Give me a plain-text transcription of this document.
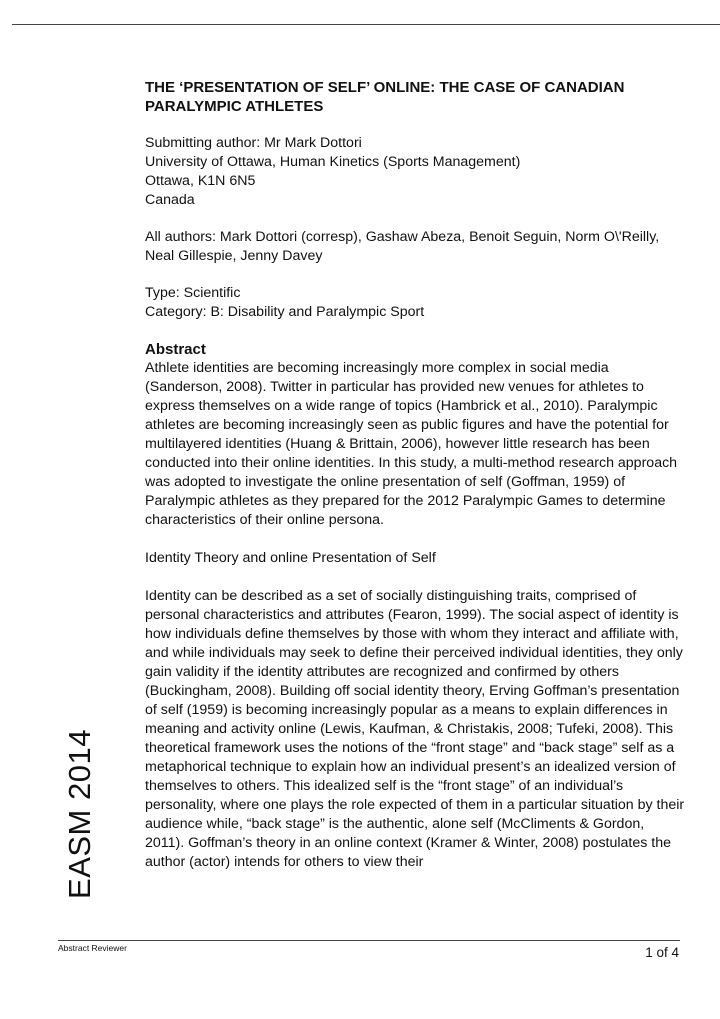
EASM 2014

THE ‘PRESENTATION OF SELF’ ONLINE: THE CASE OF CANADIAN PARALYMPIC ATHLETES

Submitting author: Mr Mark Dottori

University of Ottawa, Human Kinetics (Sports Management)

Ottawa, K1N 6N5

Canada

All authors: Mark Dottori (corresp), Gashaw Abeza, Benoit Seguin, Norm O\'Reilly, Neal Gillespie, Jenny Davey

Type: Scientific

Category: B: Disability and Paralympic Sport

Abstract

Athlete identities are becoming increasingly more complex in social media (Sanderson, 2008). Twitter in particular has provided new venues for athletes to express themselves on a wide range of topics (Hambrick et al., 2010). Paralympic athletes are becoming increasingly seen as public figures and have the potential for multilayered identities (Huang & Brittain, 2006), however little research has been conducted into their online identities. In this study, a multi-method research approach was adopted to investigate the online presentation of self (Goffman, 1959) of Paralympic athletes as they prepared for the 2012 Paralympic Games to determine characteristics of their online persona.

Identity Theory and online Presentation of Self

Identity can be described as a set of socially distinguishing traits, comprised of personal characteristics and attributes (Fearon, 1999). The social aspect of identity is how individuals define themselves by those with whom they interact and affiliate with, and while individuals may seek to define their perceived individual identities, they only gain validity if the identity attributes are recognized and confirmed by others (Buckingham, 2008). Building off social identity theory, Erving Goffman’s presentation of self (1959) is becoming increasingly popular as a means to explain differences in meaning and activity online (Lewis, Kaufman, & Christakis, 2008; Tufeki, 2008). This theoretical framework uses the notions of the “front stage” and “back stage” self as a metaphorical technique to explain how an individual present’s an idealized version of themselves to others. This idealized self is the “front stage” of an individual’s personality, where one plays the role expected of them in a particular situation by their audience while, “back stage” is the authentic, alone self (McCliments & Gordon, 2011). Goffman’s theory in an online context (Kramer & Winter, 2008) postulates the author (actor) intends for others to view their

Abstract Reviewer	1 of 4
